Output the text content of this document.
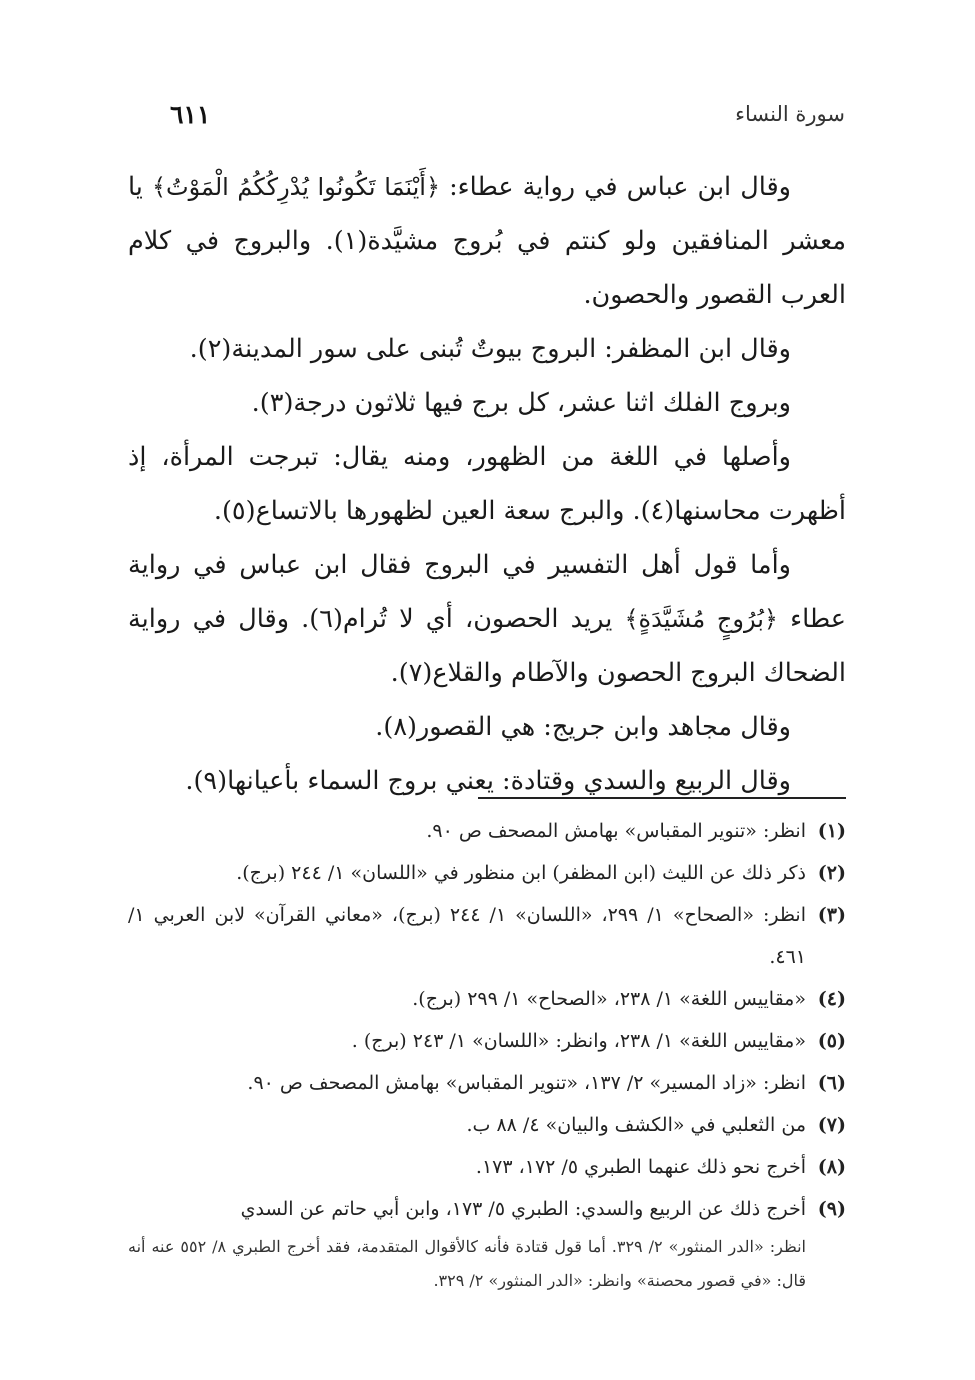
سورة النساء
٦١١

وقال ابن عباس في رواية عطاء: ﴿أَيْنَمَا تَكُونُوا يُدْرِكُكُمُ الْمَوْتُ﴾ يا معشر المنافقين ولو كنتم في بُروج مشيَّدة(١). والبروج في كلام العرب القصور والحصون.

وقال ابن المظفر: البروج بيوتٌ تُبنى على سور المدينة(٢).

وبروج الفلك اثنا عشر، كل برج فيها ثلاثون درجة(٣).

وأصلها في اللغة من الظهور، ومنه يقال: تبرجت المرأة، إذ أظهرت محاسنها(٤). والبرج سعة العين لظهورها بالاتساع(٥).

وأما قول أهل التفسير في البروج فقال ابن عباس في رواية عطاء ﴿بُرُوجٍ مُشَيَّدَةٍ﴾ يريد الحصون، أي لا تُرام(٦). وقال في رواية الضحاك البروج الحصون والآطام والقلاع(٧).

وقال مجاهد وابن جريج: هي القصور(٨).

وقال الربيع والسدي وقتادة: يعني بروج السماء بأعيانها(٩).

(١)
انظر: «تنوير المقباس» بهامش المصحف ص ٩٠.
(٢)
ذكر ذلك عن الليث (ابن المظفر) ابن منظور في «اللسان» ١/ ٢٤٤ (برج).
(٣)
انظر: «الصحاح» ١/ ٢٩٩، «اللسان» ١/ ٢٤٤ (برج)، «معاني القرآن» لابن العربي ١/ ٤٦١.
(٤)
«مقاييس اللغة» ١/ ٢٣٨، «الصحاح» ١/ ٢٩٩ (برج).
(٥)
«مقاييس اللغة» ١/ ٢٣٨، وانظر: «اللسان» ١/ ٢٤٣ (برج) .
(٦)
انظر: «زاد المسير» ٢/ ١٣٧، «تنوير المقباس» بهامش المصحف ص ٩٠.
(٧)
من الثعلبي في «الكشف والبيان» ٤/ ٨٨ ب.
(٨)
أخرج نحو ذلك عنهما الطبري ٥/ ١٧٢، ١٧٣.
(٩)
أخرج ذلك عن الربيع والسدي: الطبري ٥/ ١٧٣، وابن أبي حاتم عن السدي
انظر: «الدر المنثور» ٢/ ٣٢٩. أما قول قتادة فأنه كالأقوال المتقدمة، فقد أخرج الطبري ٨/ ٥٥٢ عنه أنه قال: «في قصور محصنة» وانظر: «الدر المنثور» ٢/ ٣٢٩.
